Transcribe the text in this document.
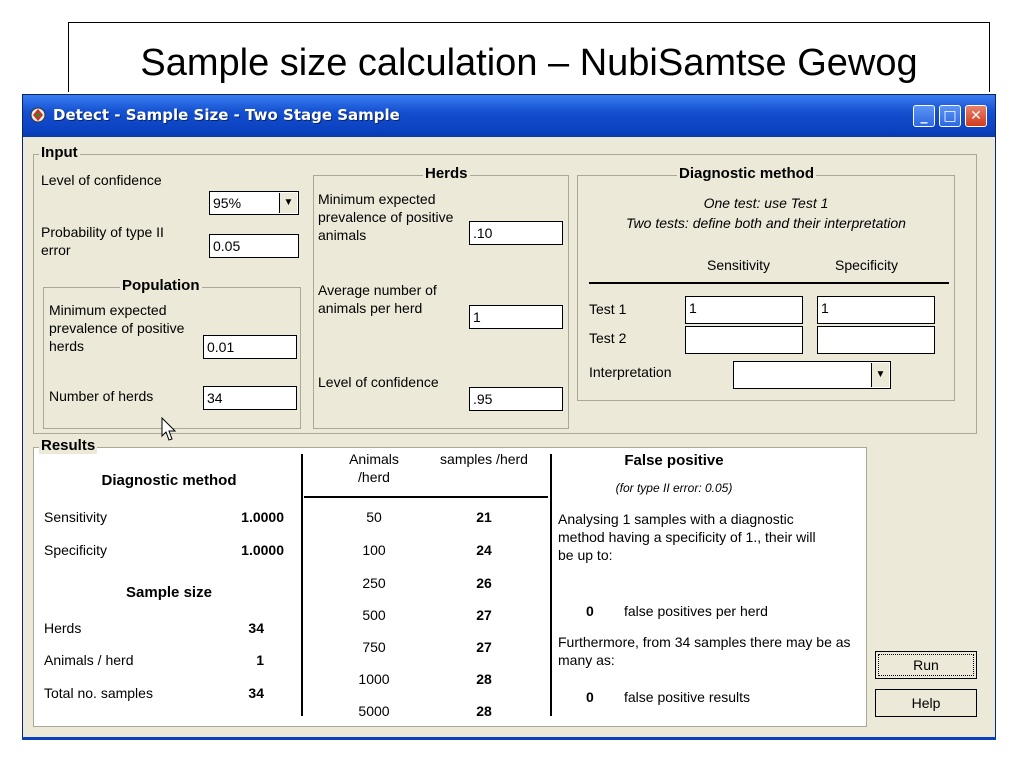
Sample size calculation – NubiSamtse Gewog
Detect - Sample Size - Two Stage Sample	_	□ ✕
Input
Level of confidence
95%	▼
Probability of type II error	0.05
Population
Minimum expected prevalence of positive herds	0.01
Number of herds	34
Herds
Minimum expected prevalence of positive animals	.10
Average number of animals per herd
1
Level of confidence
.95
Diagnostic method
One test: use Test 1
Two tests: define both and their interpretation
Sensitivity	Specificity
Test 1	1	1
Test 2
Interpretation	▼
Diagnostic method
Sensitivity	1.0000
Specificity	1.0000
Sample size
Herds	34
Animals / herd	1
Total no. samples	34
Animals /herd
samples /herd
50	21
100	24
250	26
500	27
750	27
1000	28
5000	28
False positive
(for type II error: 0.05)
Analysing 1 samples with a diagnostic method having a specificity of 1., their will be up to:
0 false positives per herd
Furthermore, from 34 samples there may be as many as:
0 false positive results
Results
Run
Help
